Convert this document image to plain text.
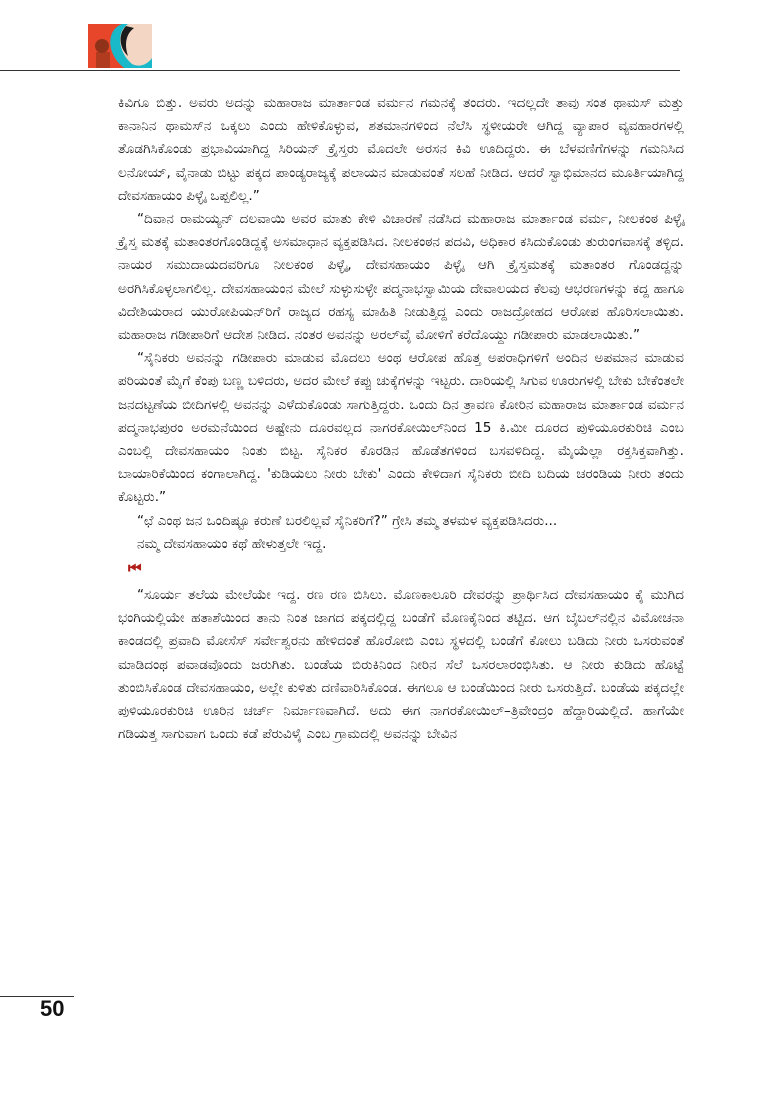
ಕಿವಿಗೂ ಬಿತ್ತು. ಅವರು ಅದನ್ನು ಮಹಾರಾಜ ಮಾರ್ತಾಂಡ ವರ್ಮನ ಗಮನಕ್ಕೆ ತಂದರು. ಇದಲ್ಲದೇ ತಾವು ಸಂತ ಥಾಮಸ್ ಮತ್ತು ಕಾನಾನಿನ ಥಾಮಸ್‌ನ ಒಕ್ಕಲು ಎಂದು ಹೇಳಿಕೊಳ್ಳುವ, ಶತಮಾನಗಳಿಂದ ನೆಲೆಸಿ ಸ್ಥಳೀಯರೇ ಆಗಿದ್ದ ವ್ಯಾಪಾರ ವ್ಯವಹಾರಗಳಲ್ಲಿ ತೊಡಗಿಸಿಕೊಂಡು ಪ್ರಭಾವಿಯಾಗಿದ್ದ ಸಿರಿಯನ್ ಕ್ರೈಸ್ತರು ಮೊದಲೇ ಅರಸನ ಕಿವಿ ಊದಿದ್ದರು. ಈ ಬೆಳವಣಿಗೆಗಳನ್ನು ಗಮನಿಸಿದ ಲನೋಯ್, ವೈನಾಡು ಬಿಟ್ಟು ಪಕ್ಕದ ಪಾಂಡ್ಯರಾಜ್ಯಕ್ಕೆ ಪಲಾಯನ ಮಾಡುವಂತೆ ಸಲಹೆ ನೀಡಿದ. ಆದರೆ ಸ್ವಾಭಿಮಾನದ ಮೂರ್ತಿಯಾಗಿದ್ದ ದೇವಸಹಾಯಂ ಪಿಳ್ಳೈ ಒಪ್ಪಲಿಲ್ಲ.”

“ದಿವಾನ ರಾಮಯ್ಯನ್ ದಲವಾಯಿ ಅವರ ಮಾತು ಕೇಳಿ ವಿಚಾರಣೆ ನಡೆಸಿದ ಮಹಾರಾಜ ಮಾರ್ತಾಂಡ ವರ್ಮ, ನೀಲಕಂಠ ಪಿಳ್ಳೈ ಕ್ರೈಸ್ತ ಮತಕ್ಕೆ ಮತಾಂತರಗೊಂಡಿದ್ದಕ್ಕೆ ಅಸಮಾಧಾನ ವ್ಯಕ್ತಪಡಿಸಿದ. ನೀಲಕಂಠನ ಪದವಿ, ಅಧಿಕಾರ ಕಸಿದುಕೊಂಡು ತುರುಂಗವಾಸಕ್ಕೆ ತಳ್ಳಿದ. ನಾಯರ ಸಮುದಾಯದವರಿಗೂ ನೀಲಕಂಠ ಪಿಳ್ಳೈ, ದೇವಸಹಾಯಂ ಪಿಳ್ಳೈ ಆಗಿ ಕ್ರೈಸ್ತಮತಕ್ಕೆ ಮತಾಂತರ ಗೊಂಡದ್ದನ್ನು ಅರಗಿಸಿಕೊಳ್ಳಲಾಗಲಿಲ್ಲ. ದೇವಸಹಾಯಂನ ಮೇಲೆ ಸುಳ್ಳುಸುಳ್ಳೇ ಪದ್ಮನಾಭಸ್ವಾಮಿಯ ದೇವಾಲಯದ ಕೆಲವು ಆಭರಣಗಳನ್ನು ಕದ್ದ ಹಾಗೂ ವಿದೇಶಿಯರಾದ ಯುರೋಪಿಯನ್‌ರಿಗೆ ರಾಜ್ಯದ ರಹಸ್ಯ ಮಾಹಿತಿ ನೀಡುತ್ತಿದ್ದ ಎಂದು ರಾಜದ್ರೋಹದ ಆರೋಪ ಹೊರಿಸಲಾಯಿತು. ಮಹಾರಾಜ ಗಡೀಪಾರಿಗೆ ಆದೇಶ ನೀಡಿದ. ನಂತರ ಅವನನ್ನು ಅರಲ್‌ವೈ ಮೋಳಿಗೆ ಕರೆದೊಯ್ದು ಗಡೀಪಾರು ಮಾಡಲಾಯಿತು.”

“ಸೈನಿಕರು ಅವನನ್ನು ಗಡೀಪಾರು ಮಾಡುವ ಮೊದಲು ಅಂಥ ಆರೋಪ ಹೊತ್ತ ಅಪರಾಧಿಗಳಿಗೆ ಅಂದಿನ ಅಪಮಾನ ಮಾಡುವ ಪರಿಯಂತೆ ಮೈಗೆ ಕೆಂಪು ಬಣ್ಣ ಬಳಿದರು, ಅದರ ಮೇಲೆ ಕಪ್ಪು ಚುಕ್ಕೆಗಳನ್ನು ಇಟ್ಟರು. ದಾರಿಯಲ್ಲಿ ಸಿಗುವ ಊರುಗಳಲ್ಲಿ ಬೇಕು ಬೇಕೆಂತಲೇ ಜನದಟ್ಟಣೆಯ ಬೀದಿಗಳಲ್ಲಿ ಅವನನ್ನು ಎಳೆದುಕೊಂಡು ಸಾಗುತ್ತಿದ್ದರು. ಒಂದು ದಿನ ತ್ರಾವಣ ಕೋರಿನ ಮಹಾರಾಜ ಮಾರ್ತಾಂಡ ವರ್ಮನ ಪದ್ಮನಾಭಪುರಂ ಅರಮನೆಯಿಂದ ಅಷ್ಟೇನು ದೂರವಲ್ಲದ ನಾಗರಕೋಯಿಲ್‌ನಿಂದ 15 ಕಿ.ಮೀ ದೂರದ ಪುಳಿಯೂರಕುರಿಚಿ ಎಂಬ ಎಂಬಲ್ಲಿ ದೇವಸಹಾಯಂ ನಿಂತು ಬಿಟ್ಟ. ಸೈನಿಕರ ಕೊರಡಿನ ಹೊಡೆತಗಳಿಂದ ಬಸವಳಿದಿದ್ದ. ಮೈಯೆಲ್ಲಾ ರಕ್ತಸಿಕ್ತವಾಗಿತ್ತು. ಬಾಯಾರಿಕೆಯಿಂದ ಕಂಗಾಲಾಗಿದ್ದ. 'ಕುಡಿಯಲು ನೀರು ಬೇಕು' ಎಂದು ಕೇಳಿದಾಗ ಸೈನಿಕರು ಬೀದಿ ಬದಿಯ ಚರಂಡಿಯ ನೀರು ತಂದು ಕೊಟ್ಟರು.”

“ಛೆ ಎಂಥ ಜನ ಒಂದಿಷ್ಟೂ ಕರುಣೆ ಬರಲಿಲ್ಲವೆ ಸೈನಿಕರಿಗೆ?” ಗ್ರೇಸಿ ತಮ್ಮ ತಳಮಳ ವ್ಯಕ್ತಪಡಿಸಿದರು...

ನಮ್ಮ ದೇವಸಹಾಯಂ ಕಥೆ ಹೇಳುತ್ತಲೇ ಇದ್ದ.

⏮

“ಸೂರ್ಯ ತಲೆಯ ಮೇಲೆಯೇ ಇದ್ದ. ರಣ ರಣ ಬಿಸಿಲು. ಮೊಣಕಾಲೂರಿ ದೇವರನ್ನು ಪ್ರಾರ್ಥಿಸಿದ ದೇವಸಹಾಯಂ ಕೈ ಮುಗಿದ ಭಂಗಿಯಲ್ಲಿಯೇ ಹತಾಶೆಯಿಂದ ತಾನು ನಿಂತ ಜಾಗದ ಪಕ್ಕದಲ್ಲಿದ್ದ ಬಂಡೆಗೆ ಮೊಣಕೈನಿಂದ ತಟ್ಟಿದ. ಆಗ ಬೈಬಲ್‌ನಲ್ಲಿನ ವಿಮೋಚನಾ ಕಾಂಡದಲ್ಲಿ ಪ್ರವಾದಿ ಮೋಸೆಸ್ ಸರ್ವೇಶ್ವರನು ಹೇಳಿದಂತೆ ಹೊರೋಬಿ ಎಂಬ ಸ್ಥಳದಲ್ಲಿ ಬಂಡೆಗೆ ಕೋಲು ಬಡಿದು ನೀರು ಒಸರುವಂತೆ ಮಾಡಿದಂಥ ಪವಾಡವೊಂದು ಜರುಗಿತು. ಬಂಡೆಯ ಬಿರುಕಿನಿಂದ ನೀರಿನ ಸೆಲೆ ಒಸರಲಾರಂಭಿಸಿತು. ಆ ನೀರು ಕುಡಿದು ಹೊಟ್ಟೆ ತುಂಬಿಸಿಕೊಂಡ ದೇವಸಹಾಯಂ, ಅಲ್ಲೇ ಕುಳಿತು ದಣಿವಾರಿಸಿಕೊಂಡ. ಈಗಲೂ ಆ ಬಂಡೆಯಿಂದ ನೀರು ಒಸರುತ್ತಿದೆ. ಬಂಡೆಯ ಪಕ್ಕದಲ್ಲೇ ಪುಳಿಯೂರಕುರಿಚಿ ಊರಿನ ಚರ್ಚ್ ನಿರ್ಮಾಣವಾಗಿದೆ. ಅದು ಈಗ ನಾಗರಕೋಯಿಲ್–ತ್ರಿವೇಂದ್ರಂ ಹೆದ್ದಾರಿಯಲ್ಲಿದೆ. ಹಾಗೆಯೇ ಗಡಿಯತ್ತ ಸಾಗುವಾಗ ಒಂದು ಕಡೆ ಪೆರುವಿಳೈ ಎಂಬ ಗ್ರಾಮದಲ್ಲಿ ಅವನನ್ನು ಬೇವಿನ

50
